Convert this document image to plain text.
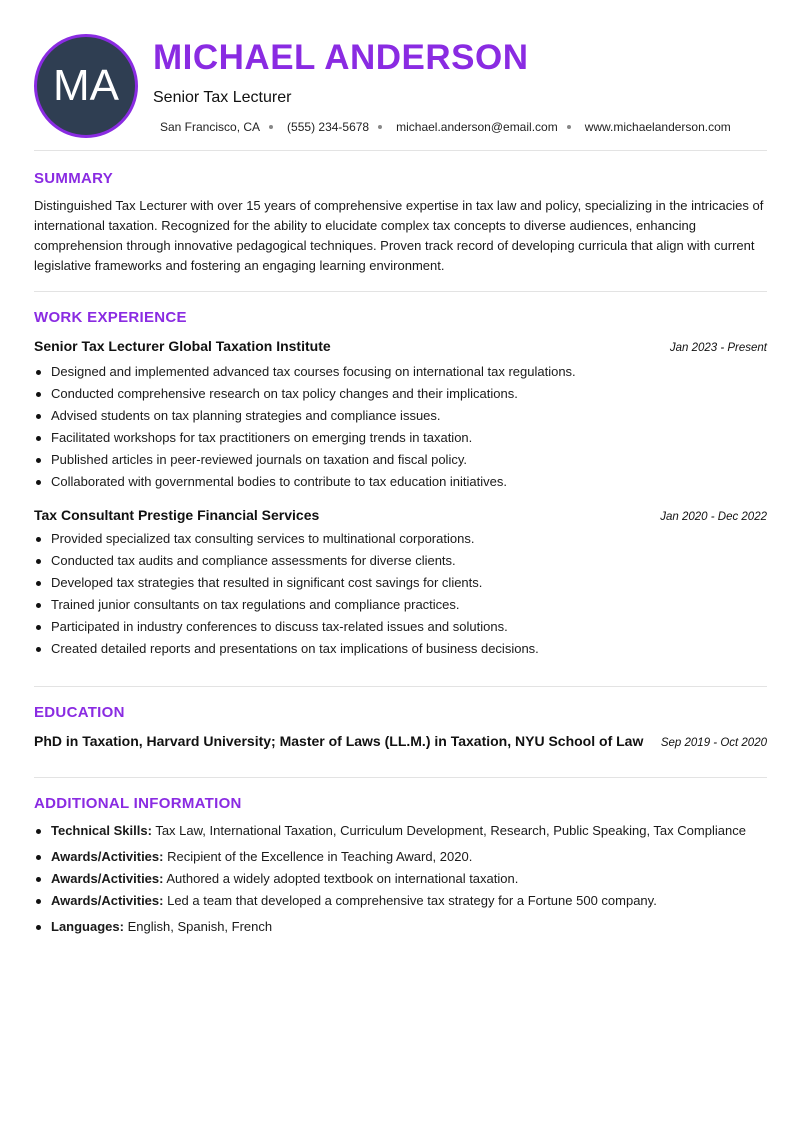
MA
MICHAEL ANDERSON
Senior Tax Lecturer
San Francisco, CA (555) 234-5678 michael.anderson@email.com www.michaelanderson.com
SUMMARY

Distinguished Tax Lecturer with over 15 years of comprehensive expertise in tax law and policy, specializing in the intricacies of international taxation. Recognized for the ability to elucidate complex tax concepts to diverse audiences, enhancing comprehension through innovative pedagogical techniques. Proven track record of developing curricula that align with current legislative frameworks and fostering an engaging learning environment.

WORK EXPERIENCE
Senior Tax Lecturer Global Taxation Institute	Jan 2023 - Present
Designed and implemented advanced tax courses focusing on international tax regulations.
Conducted comprehensive research on tax policy changes and their implications.
Advised students on tax planning strategies and compliance issues.
Facilitated workshops for tax practitioners on emerging trends in taxation.
Published articles in peer-reviewed journals on taxation and fiscal policy.
Collaborated with governmental bodies to contribute to tax education initiatives.
Tax Consultant Prestige Financial Services	Jan 2020 - Dec 2022
Provided specialized tax consulting services to multinational corporations.
Conducted tax audits and compliance assessments for diverse clients.
Developed tax strategies that resulted in significant cost savings for clients.
Trained junior consultants on tax regulations and compliance practices.
Participated in industry conferences to discuss tax-related issues and solutions.
Created detailed reports and presentations on tax implications of business decisions.
EDUCATION
PhD in Taxation, Harvard University; Master of Laws (LL.M.) in Taxation, NYU School of Law Sep 2019 - Oct 2020
ADDITIONAL INFORMATION
Technical Skills: Tax Law, International Taxation, Curriculum Development, Research, Public Speaking, Tax Compliance
Awards/Activities: Recipient of the Excellence in Teaching Award, 2020.
Awards/Activities: Authored a widely adopted textbook on international taxation.
Awards/Activities: Led a team that developed a comprehensive tax strategy for a Fortune 500 company.
Languages: English, Spanish, French
